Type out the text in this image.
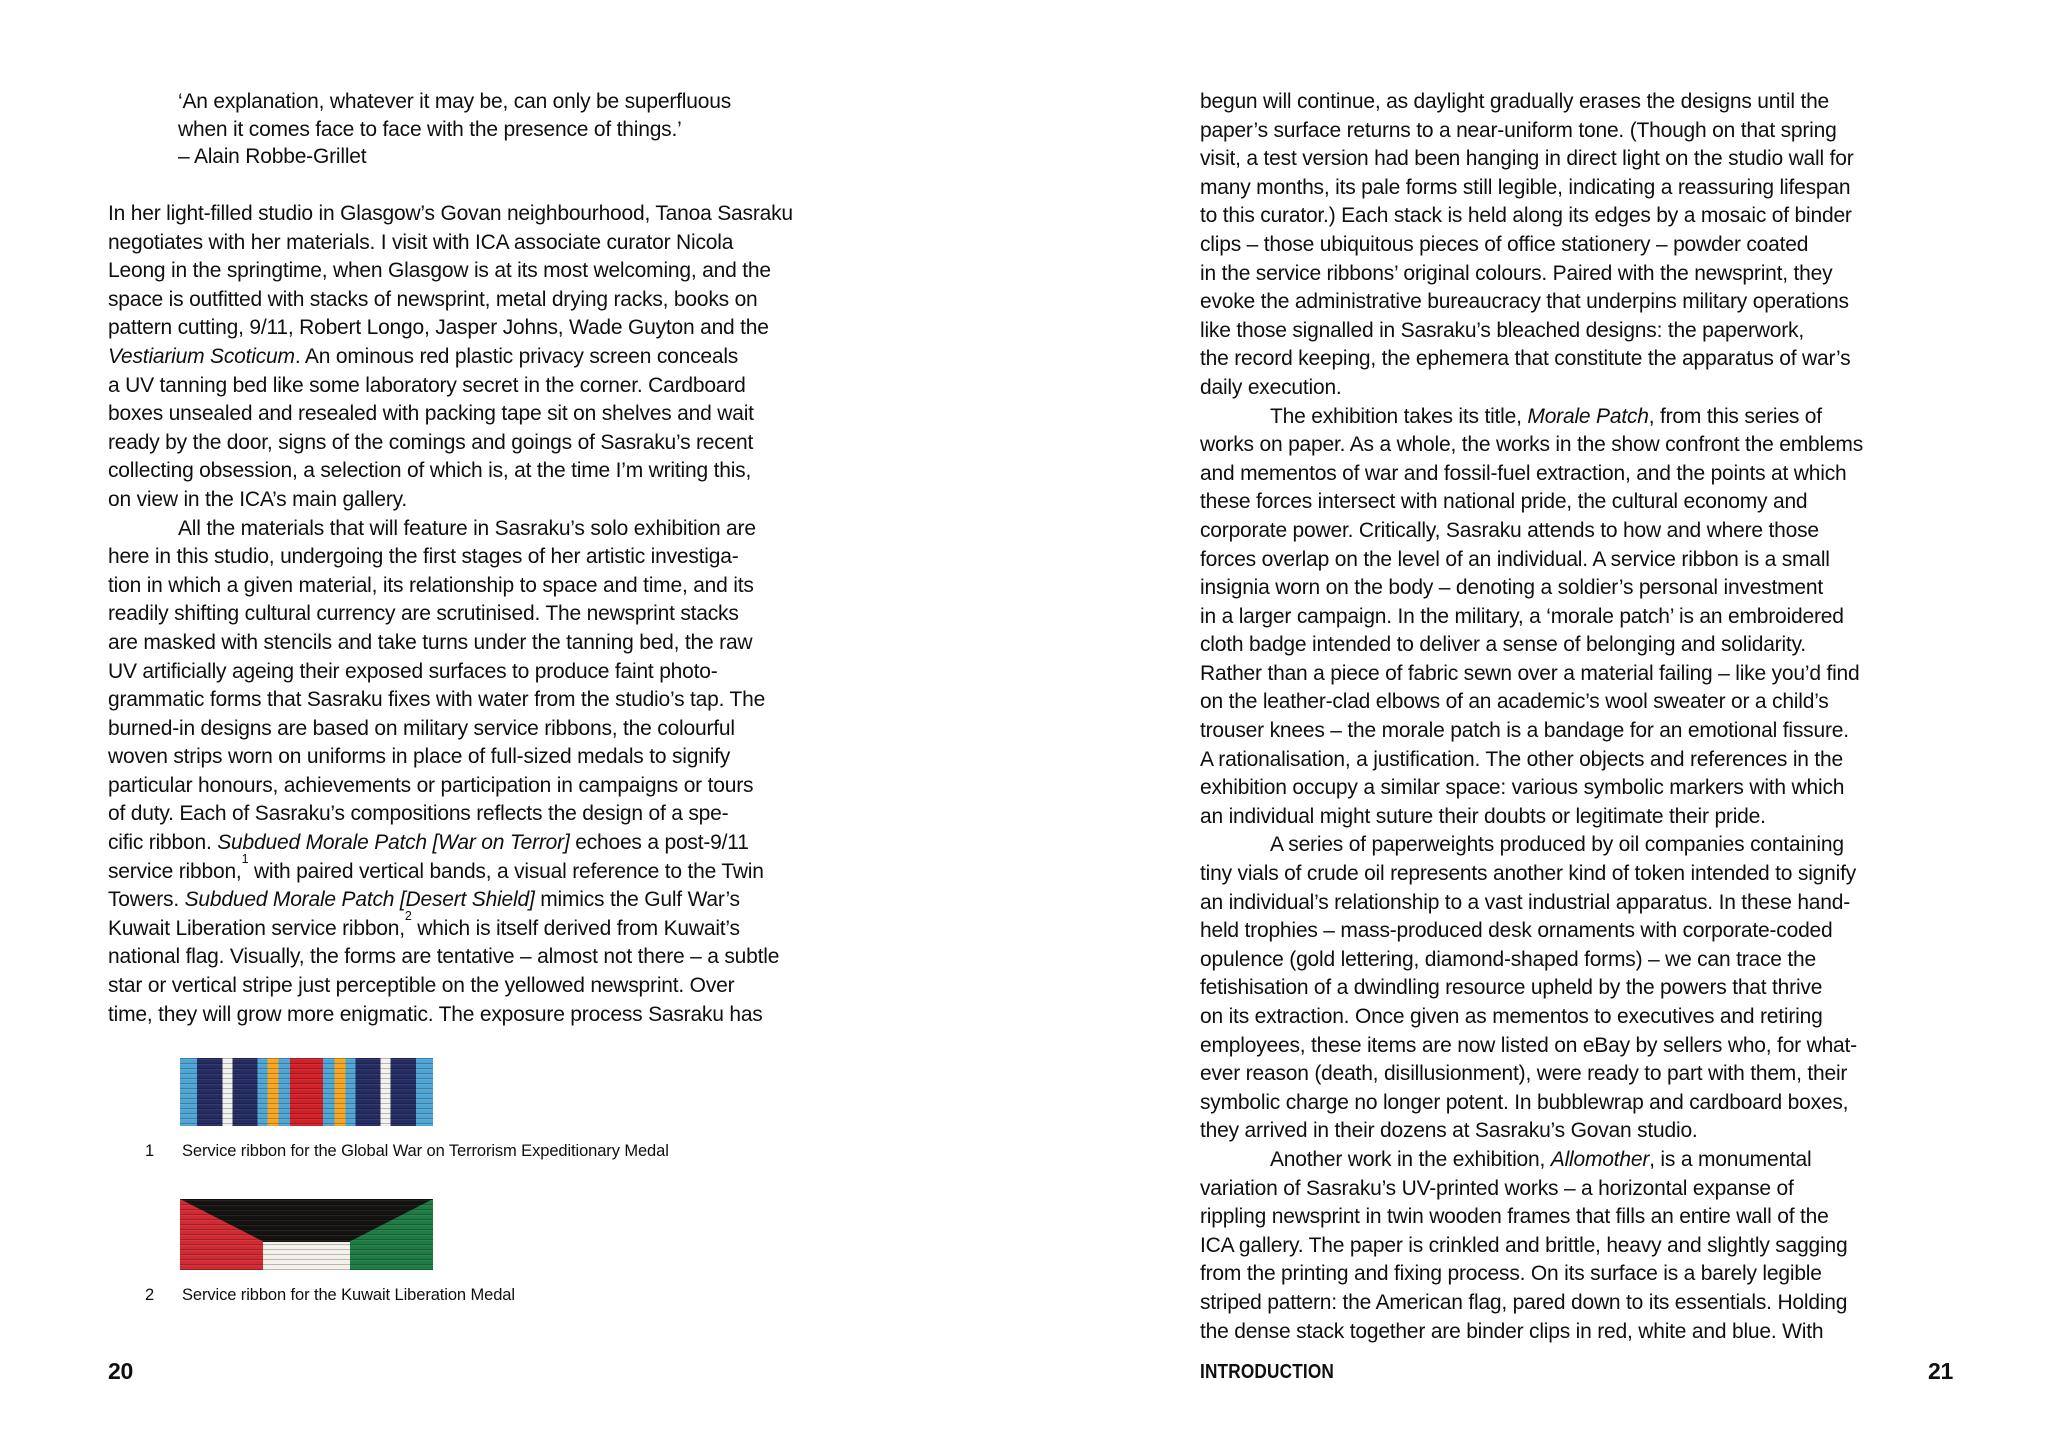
‘An explanation, whatever it may be, can only be superfluous
when it comes face to face with the presence of things.’
– Alain Robbe-Grillet
In her light-filled studio in Glasgow’s Govan neighbourhood, Tanoa Sasraku
negotiates with her materials. I visit with ICA associate curator Nicola
Leong in the springtime, when Glasgow is at its most welcoming, and the
space is outfitted with stacks of newsprint, metal drying racks, books on
pattern cutting, 9/11, Robert Longo, Jasper Johns, Wade Guyton and the
Vestiarium Scoticum. An ominous red plastic privacy screen conceals
a UV tanning bed like some laboratory secret in the corner. Cardboard
boxes unsealed and resealed with packing tape sit on shelves and wait
ready by the door, signs of the comings and goings of Sasraku’s recent
collecting obsession, a selection of which is, at the time I’m writing this,
on view in the ICA’s main gallery.
All the materials that will feature in Sasraku’s solo exhibition are
here in this studio, undergoing the first stages of her artistic investiga-
tion in which a given material, its relationship to space and time, and its
readily shifting cultural currency are scrutinised. The newsprint stacks
are masked with stencils and take turns under the tanning bed, the raw
UV artificially ageing their exposed surfaces to produce faint photo-
grammatic forms that Sasraku fixes with water from the studio’s tap. The
burned-in designs are based on military service ribbons, the colourful
woven strips worn on uniforms in place of full-sized medals to signify
particular honours, achievements or participation in campaigns or tours
of duty. Each of Sasraku’s compositions reflects the design of a spe-
cific ribbon. Subdued Morale Patch [War on Terror] echoes a post-9/11
service ribbon,$^1$ with paired vertical bands, a visual reference to the Twin
Towers. Subdued Morale Patch [Desert Shield] mimics the Gulf War’s
Kuwait Liberation service ribbon,$^2$ which is itself derived from Kuwait’s
national flag. Visually, the forms are tentative – almost not there – a subtle
star or vertical stripe just perceptible on the yellowed newsprint. Over
time, they will grow more enigmatic. The exposure process Sasraku has
1	Service ribbon for the Global War on Terrorism Expeditionary Medal
2	Service ribbon for the Kuwait Liberation Medal
20
begun will continue, as daylight gradually erases the designs until the
paper’s surface returns to a near-uniform tone. (Though on that spring
visit, a test version had been hanging in direct light on the studio wall for
many months, its pale forms still legible, indicating a reassuring lifespan
to this curator.) Each stack is held along its edges by a mosaic of binder
clips – those ubiquitous pieces of office stationery – powder coated
in the service ribbons’ original colours. Paired with the newsprint, they
evoke the administrative bureaucracy that underpins military operations
like those signalled in Sasraku’s bleached designs: the paperwork,
the record keeping, the ephemera that constitute the apparatus of war’s
daily execution.
The exhibition takes its title, Morale Patch, from this series of
works on paper. As a whole, the works in the show confront the emblems
and mementos of war and fossil-fuel extraction, and the points at which
these forces intersect with national pride, the cultural economy and
corporate power. Critically, Sasraku attends to how and where those
forces overlap on the level of an individual. A service ribbon is a small
insignia worn on the body – denoting a soldier’s personal investment
in a larger campaign. In the military, a ‘morale patch’ is an embroidered
cloth badge intended to deliver a sense of belonging and solidarity.
Rather than a piece of fabric sewn over a material failing – like you’d find
on the leather-clad elbows of an academic’s wool sweater or a child’s
trouser knees – the morale patch is a bandage for an emotional fissure.
A rationalisation, a justification. The other objects and references in the
exhibition occupy a similar space: various symbolic markers with which
an individual might suture their doubts or legitimate their pride.
A series of paperweights produced by oil companies containing
tiny vials of crude oil represents another kind of token intended to signify
an individual’s relationship to a vast industrial apparatus. In these hand-
held trophies – mass-produced desk ornaments with corporate-coded
opulence (gold lettering, diamond-shaped forms) – we can trace the
fetishisation of a dwindling resource upheld by the powers that thrive
on its extraction. Once given as mementos to executives and retiring
employees, these items are now listed on eBay by sellers who, for what-
ever reason (death, disillusionment), were ready to part with them, their
symbolic charge no longer potent. In bubblewrap and cardboard boxes,
they arrived in their dozens at Sasraku’s Govan studio.
Another work in the exhibition, Allomother, is a monumental
variation of Sasraku’s UV-printed works – a horizontal expanse of
rippling newsprint in twin wooden frames that fills an entire wall of the
ICA gallery. The paper is crinkled and brittle, heavy and slightly sagging
from the printing and fixing process. On its surface is a barely legible
striped pattern: the American flag, pared down to its essentials. Holding
the dense stack together are binder clips in red, white and blue. With
INTRODUCTION	21
